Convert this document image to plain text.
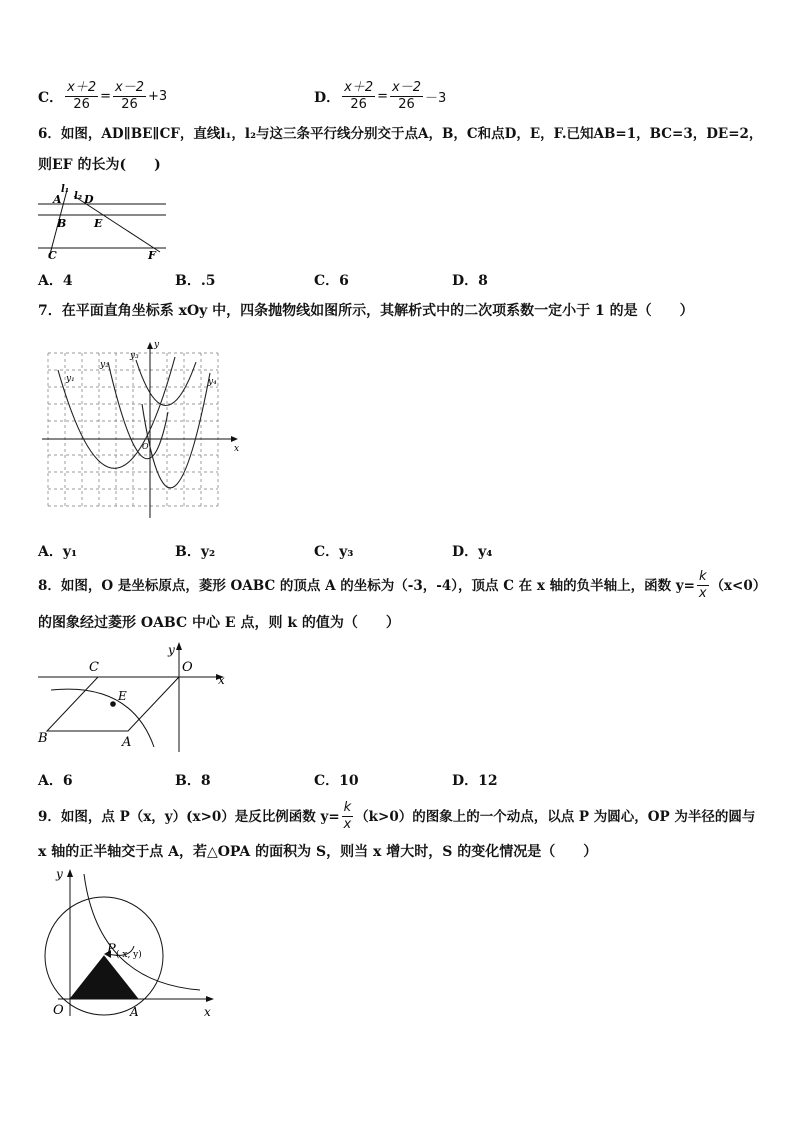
C． $\frac{x+2}{26} = \frac{x-2}{26} +3$	D． $\frac{x+2}{26} = \frac{x-2}{26} -3$
6．如图，AD∥BE∥CF，直线l₁，l₂与这三条平行线分别交于点A，B，C和点D，E，F.已知AB=1，BC=3，DE=2，
则EF 的长为(　　)
l₁
l₂
A D
B	E
C	F
A．4	B．.5	C．6	D．8
7．在平面直角坐标系 xOy 中，四条抛物线如图所示，其解析式中的二次项系数一定小于 1 的是（　　）
x
y
O
y₁
y₂
y₃
y₄
A．y₁	B．y₂	C．y₃	D．y₄
8．如图，O 是坐标原点，菱形 OABC 的顶点 A 的坐标为（-3，-4），顶点 C 在 x 轴的负半轴上，函数 $y= \frac{k}{x} (x<0)$
的图象经过菱形 OABC 中心 E 点，则 k 的值为（　　）
C	O
y
x
E
B	A
A．6	B．8	C．10	D．12
9．如图，点 P（x，y）(x>0）是反比例函数 $y= \frac{k}{x} (k>0)$的图象上的一个动点，以点 P 为圆心，OP 为半径的圆与
x 轴的正半轴交于点 A，若△OPA 的面积为 S，则当 x 增大时，S 的变化情况是（　　）
y
x
O	A
P ( x, y)
